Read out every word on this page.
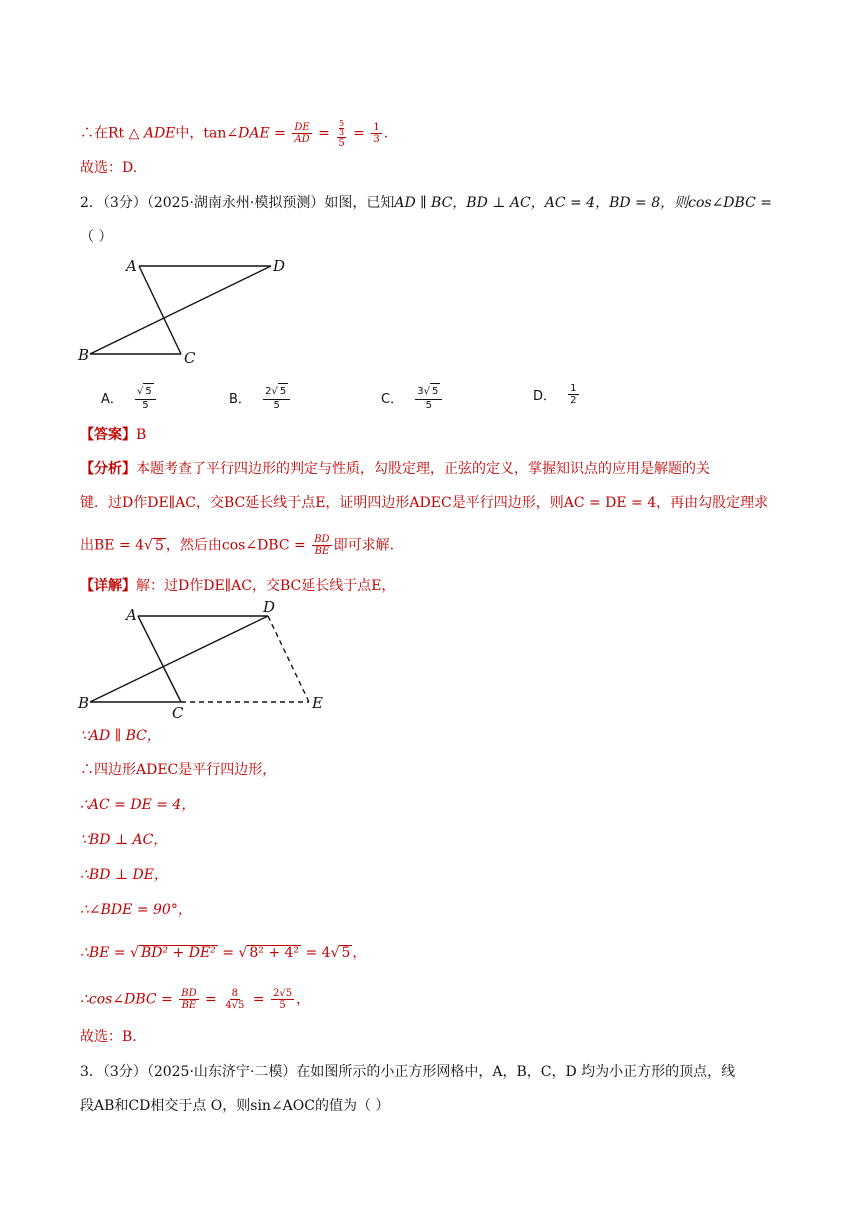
∴在Rt △ ADE中，tan∠DAE = $\frac{DE}{AD} = \frac{\frac{5}{3}}{5} = \frac{1}{3}$ .
故选：D.
2．（3分）（2025·湖南永州·模拟预测）如图，已知AD ∥ BC，BD ⊥ AC，AC = 4，BD = 8，则cos∠DBC =
（ ）
A	D
B	C
A． $\frac{√ 5}{5}$	B． $\frac{2√ 5}{5}$	C． $\frac{3√ 5}{5}$	D． $\frac{1}{2}$
【答案】B
【分析】本题考查了平行四边形的判定与性质，勾股定理，正弦的定义，掌握知识点的应用是解题的关
键．过D作DE∥AC，交BC延长线于点E，证明四边形ADEC是平行四边形，则AC = DE = 4，再由勾股定理求
出BE = 4√ 5 ，然后由cos∠DBC = $\frac{BD}{BE}$ 即可求解.
【详解】解：过D作DE∥AC，交BC延长线于点E，
A	D
B
C
E
∵AD ∥ BC，
∴四边形ADEC是平行四边形，
∴AC = DE = 4，
∵BD ⊥ AC，
∴BD ⊥ DE，
∴∠BDE = 90°，
∴BE = √ BD² + DE² = √ 8² + 4² = 4√ 5 ，
∴cos∠DBC = $\frac{BD}{BE} = \frac{8}{4√5} = \frac{2√5}{5}$ ，
故选：B.
3．（3分）（2025·山东济宁·二模）在如图所示的小正方形网格中，A，B，C，D 均为小正方形的顶点，线
段AB和CD相交于点 O，则sin∠AOC的值为（ ）
